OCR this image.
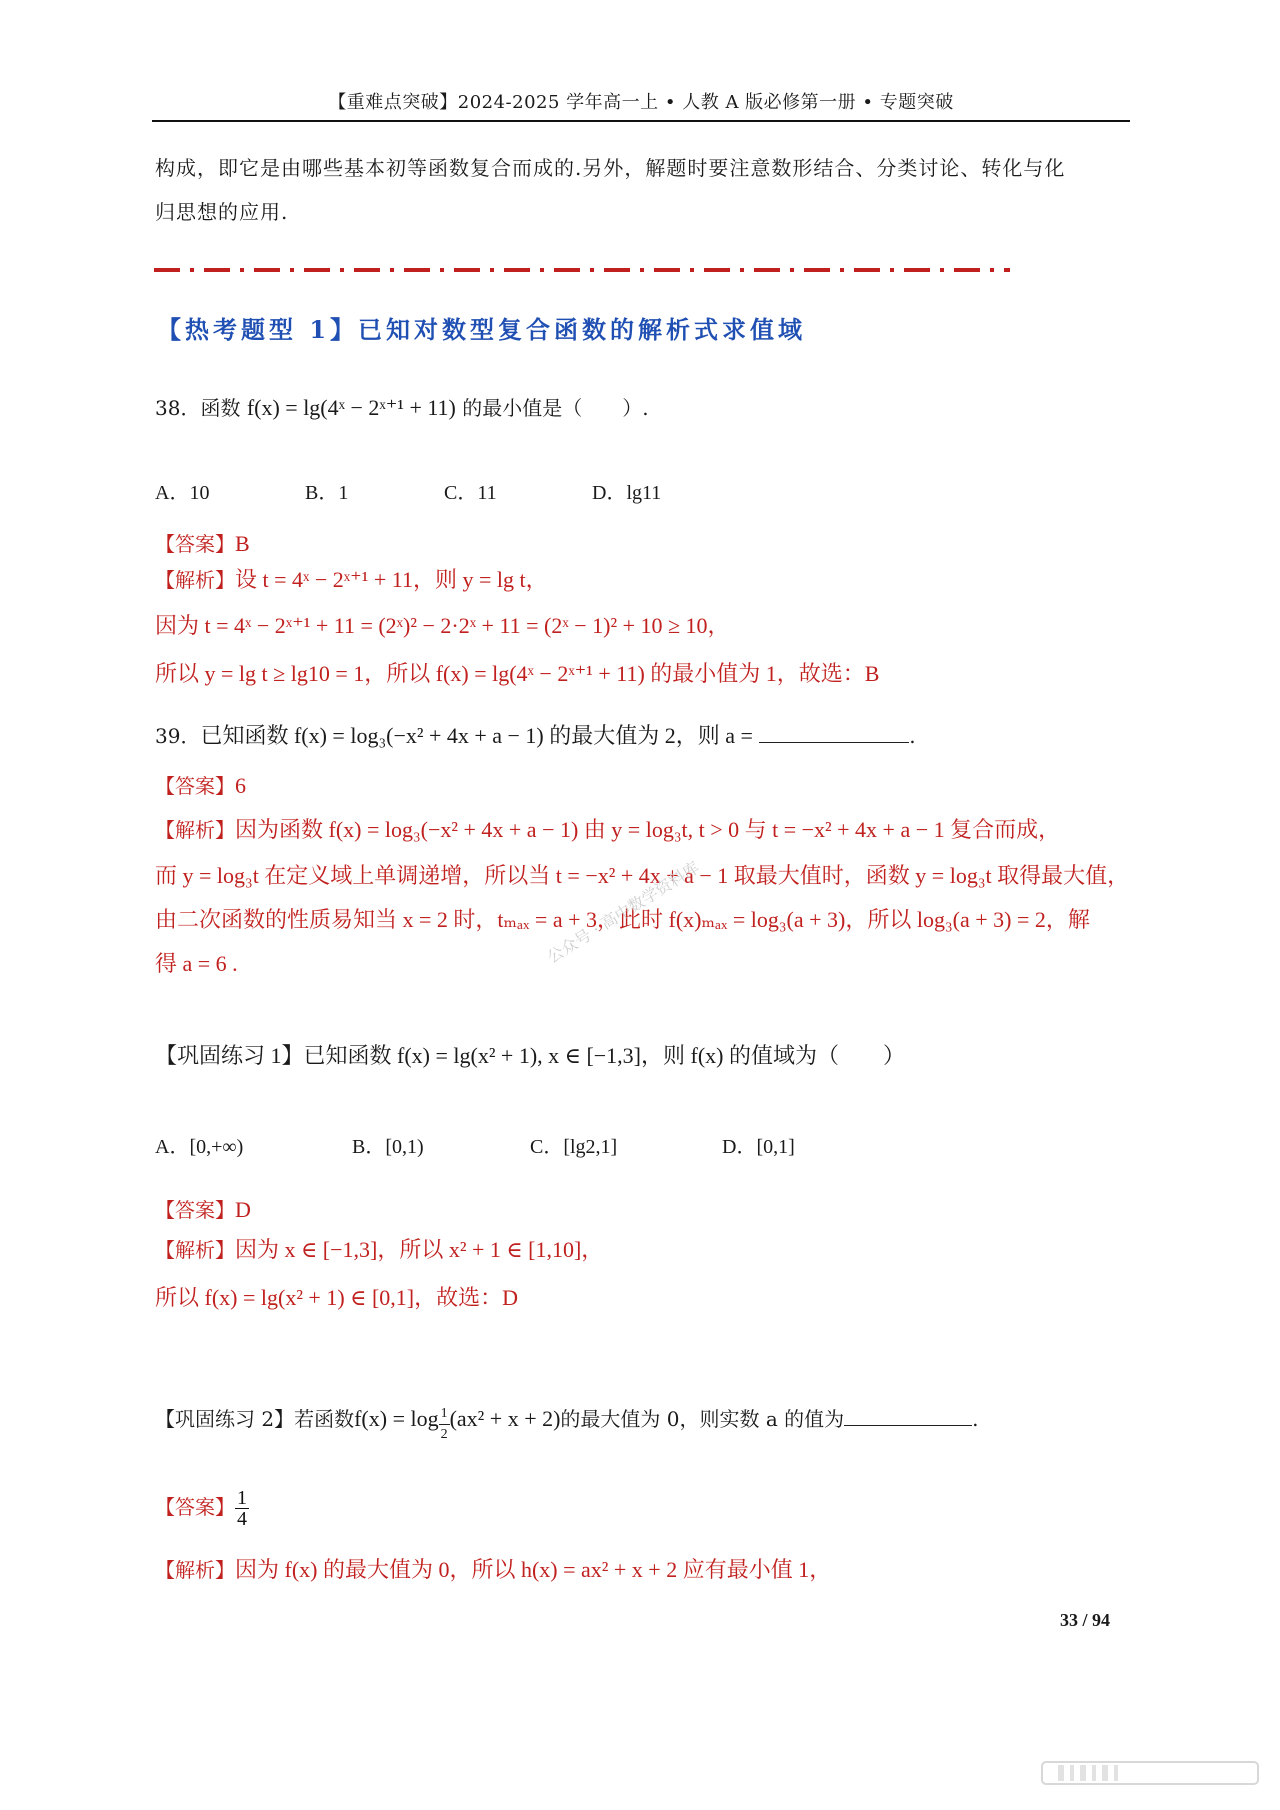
【重难点突破】2024-2025 学年高一上 • 人教 A 版必修第一册 • 专题突破
构成，即它是由哪些基本初等函数复合而成的.另外，解题时要注意数形结合、分类讨论、转化与化
归思想的应用.
【热考题型 1】已知对数型复合函数的解析式求值域
38．函数 f(x) = lg(4ˣ − 2ˣ⁺¹ + 11) 的最小值是（　　）.
A．10	B．1	C．11	D．lg11
【答案】B
【解析】设 t = 4ˣ − 2ˣ⁺¹ + 11，则 y = lg t，
因为 t = 4ˣ − 2ˣ⁺¹ + 11 = (2ˣ)² − 2·2ˣ + 11 = (2ˣ − 1)² + 10 ≥ 10，
所以 y = lg t ≥ lg10 = 1，所以 f(x) = lg(4ˣ − 2ˣ⁺¹ + 11) 的最小值为 1，故选：B
39．已知函数 f(x) = log₃(−x² + 4x + a − 1) 的最大值为 2，则 a =	.
【答案】6
【解析】因为函数 f(x) = log₃(−x² + 4x + a − 1) 由 y = log₃t, t > 0 与 t = −x² + 4x + a − 1 复合而成，
而 y = log₃t 在定义域上单调递增，所以当 t = −x² + 4x + a − 1 取最大值时，函数 y = log₃t 取得最大值，
由二次函数的性质易知当 x = 2 时，tₘₐₓ = a + 3，此时 f(x)ₘₐₓ = log₃(a + 3)，所以 log₃(a + 3) = 2，解
得 a = 6 .	公众号 · 高中数学资料库
【巩固练习 1】已知函数 f(x) = lg(x² + 1), x ∈ [−1,3]，则 f(x) 的值域为（　　）
A．[0,+∞)	B．[0,1)	C．[lg2,1]	D．[0,1]
【答案】D
【解析】因为 x ∈ [−1,3]，所以 x² + 1 ∈ [1,10]，
所以 f(x) = lg(x² + 1) ∈ [0,1]，故选：D
【巩固练习 2】若函数$f(x) = \log \frac{1}{2} (ax^2 + x + 2)$的最大值为 0，则实数 a 的值为	.
【答案】 $\frac{1}{4}$
【解析】因为 f(x) 的最大值为 0，所以 h(x) = ax² + x + 2 应有最小值 1，
33 / 94
